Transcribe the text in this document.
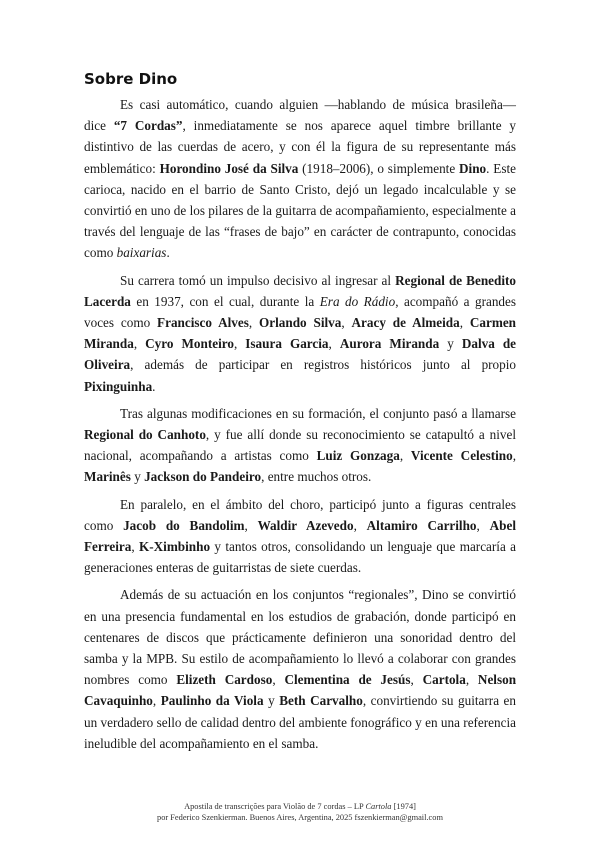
Sobre Dino

Es casi automático, cuando alguien —hablando de música brasileña— dice “7 Cordas”, inmediatamente se nos aparece aquel timbre brillante y distintivo de las cuerdas de acero, y con él la figura de su representante más emblemático: Horondino José da Silva (1918–2006), o simplemente Dino. Este carioca, nacido en el barrio de Santo Cristo, dejó un legado incalculable y se convirtió en uno de los pilares de la guitarra de acompañamiento, especialmente a través del lenguaje de las “frases de bajo” en carácter de contrapunto, conocidas como baixarias.

Su carrera tomó un impulso decisivo al ingresar al Regional de Benedito Lacerda en 1937, con el cual, durante la Era do Rádio, acompañó a grandes voces como Francisco Alves, Orlando Silva, Aracy de Almeida, Carmen Miranda, Cyro Monteiro, Isaura Garcia, Aurora Miranda y Dalva de Oliveira, además de participar en registros históricos junto al propio Pixinguinha.

Tras algunas modificaciones en su formación, el conjunto pasó a llamarse Regional do Canhoto, y fue allí donde su reconocimiento se catapultó a nivel nacional, acompañando a artistas como Luiz Gonzaga, Vicente Celestino, Marinês y Jackson do Pandeiro, entre muchos otros.

En paralelo, en el ámbito del choro, participó junto a figuras centrales como Jacob do Bandolim, Waldir Azevedo, Altamiro Carrilho, Abel Ferreira, K-Ximbinho y tantos otros, consolidando un lenguaje que marcaría a generaciones enteras de guitarristas de siete cuerdas.

Además de su actuación en los conjuntos “regionales”, Dino se convirtió en una presencia fundamental en los estudios de grabación, donde participó en centenares de discos que prácticamente definieron una sonoridad dentro del samba y la MPB. Su estilo de acompañamiento lo llevó a colaborar con grandes nombres como Elizeth Cardoso, Clementina de Jesús, Cartola, Nelson Cavaquinho, Paulinho da Viola y Beth Carvalho, convirtiendo su guitarra en un verdadero sello de calidad dentro del ambiente fonográfico y en una referencia ineludible del acompañamiento en el samba.

Apostila de transcrições para Violão de 7 cordas – LP Cartola [1974]
por Federico Szenkierman. Buenos Aires, Argentina, 2025 fszenkierman@gmail.com
